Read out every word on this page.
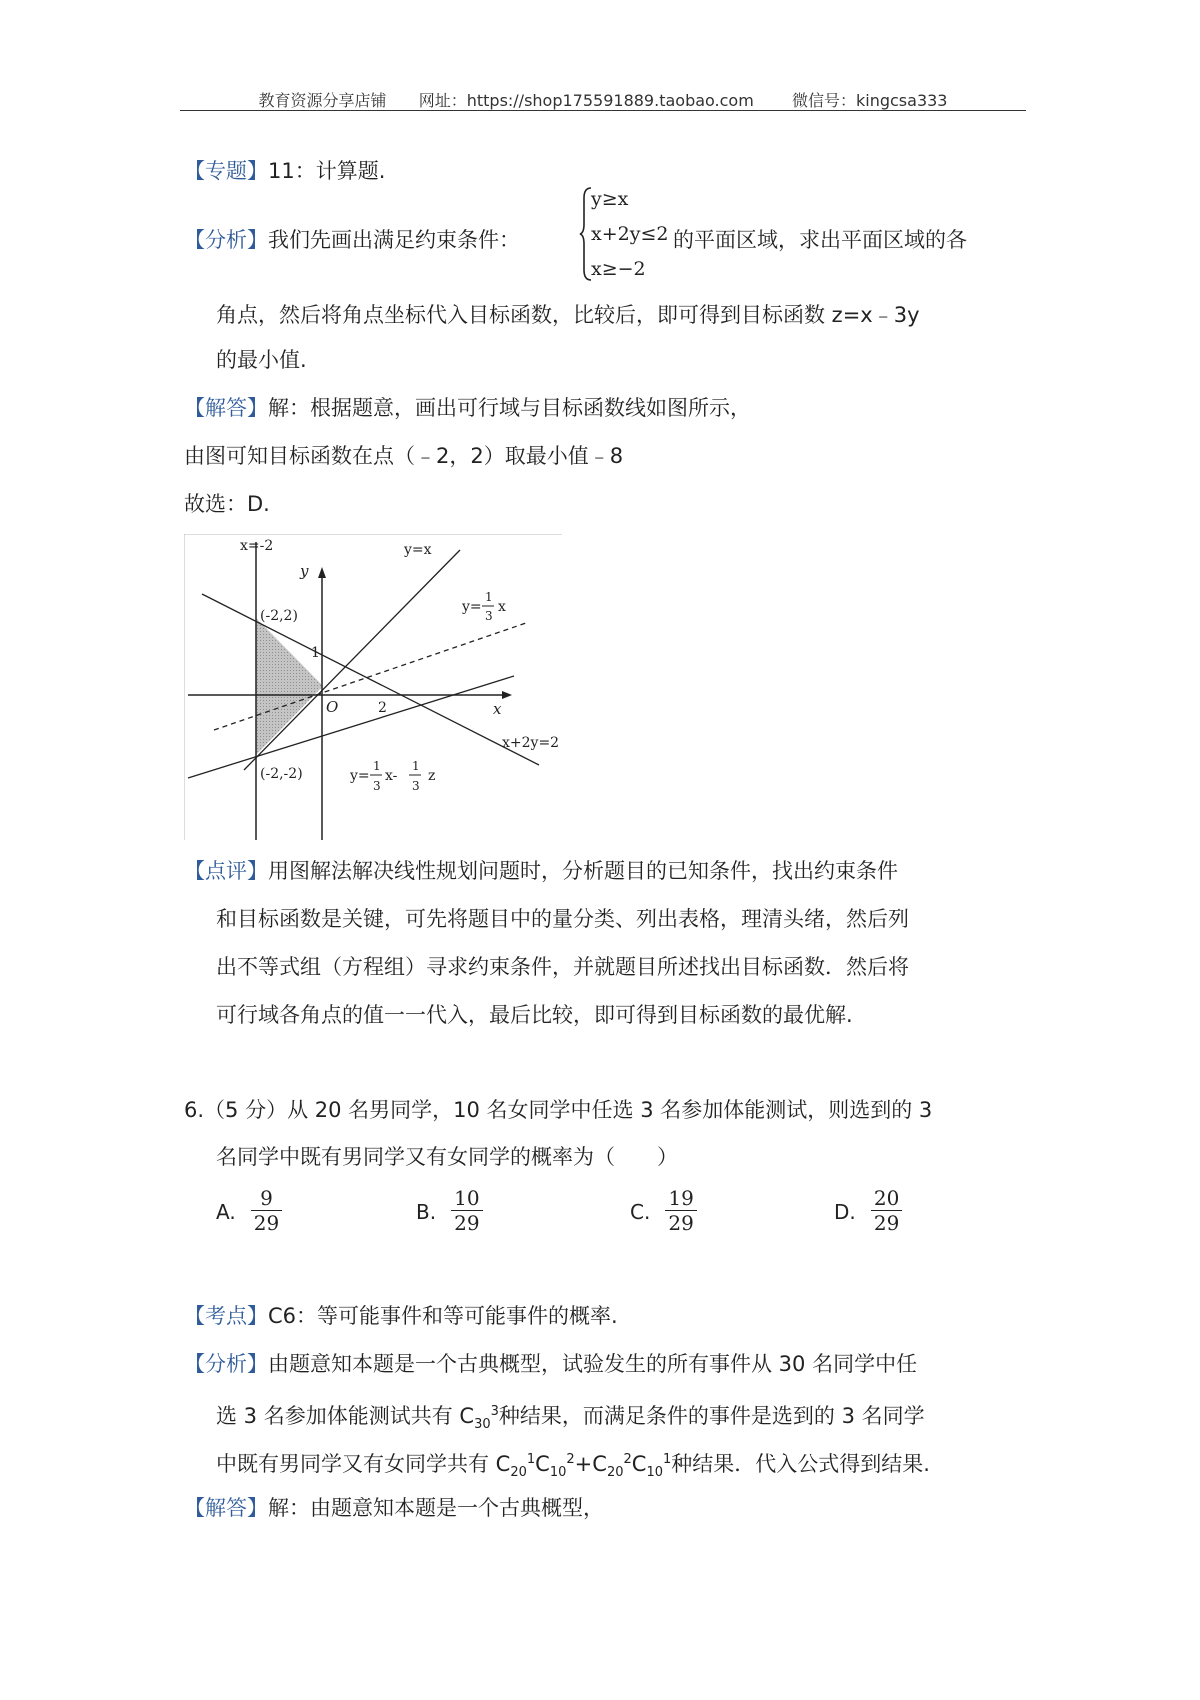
教育资源分享店铺 网址：https://shop175591889.taobao.com 微信号：kingcsa333
【专题】11：计算题.
【分析】我们先画出满足约束条件：
y≥x
x+2y≤2
x≥−2
的平面区域，求出平面区域的各
角点，然后将角点坐标代入目标函数，比较后，即可得到目标函数 z=x﹣3y
的最小值.
【解答】解：根据题意，画出可行域与目标函数线如图所示，
由图可知目标函数在点（﹣2，2）取最小值﹣8
故选：D.
x=-2	y=x
y
x
O
(-2,2)
(-2,-2)
1
2
x+2y=2
y=
1
3
x
y=
1
3
x-
1
3
z
【点评】用图解法解决线性规划问题时，分析题目的已知条件，找出约束条件
和目标函数是关键，可先将题目中的量分类、列出表格，理清头绪，然后列
出不等式组（方程组）寻求约束条件，并就题目所述找出目标函数．然后将
可行域各角点的值一一代入，最后比较，即可得到目标函数的最优解.
6.（5 分）从 20 名男同学，10 名女同学中任选 3 名参加体能测试，则选到的 3
名同学中既有男同学又有女同学的概率为（　　）
A. $\frac{9}{29}$	B. $\frac{10}{29}$	C. $\frac{19}{29}$	D. $\frac{20}{29}$
【考点】C6：等可能事件和等可能事件的概率.
【分析】由题意知本题是一个古典概型，试验发生的所有事件从 30 名同学中任
选 3 名参加体能测试共有 $C_{30}^3$种结果，而满足条件的事件是选到的 3 名同学
中既有男同学又有女同学共有 $C_{20}^1C_{10}^2+C_{20}^2C_{10}^1$种结果．代入公式得到结果.
【解答】解：由题意知本题是一个古典概型，
